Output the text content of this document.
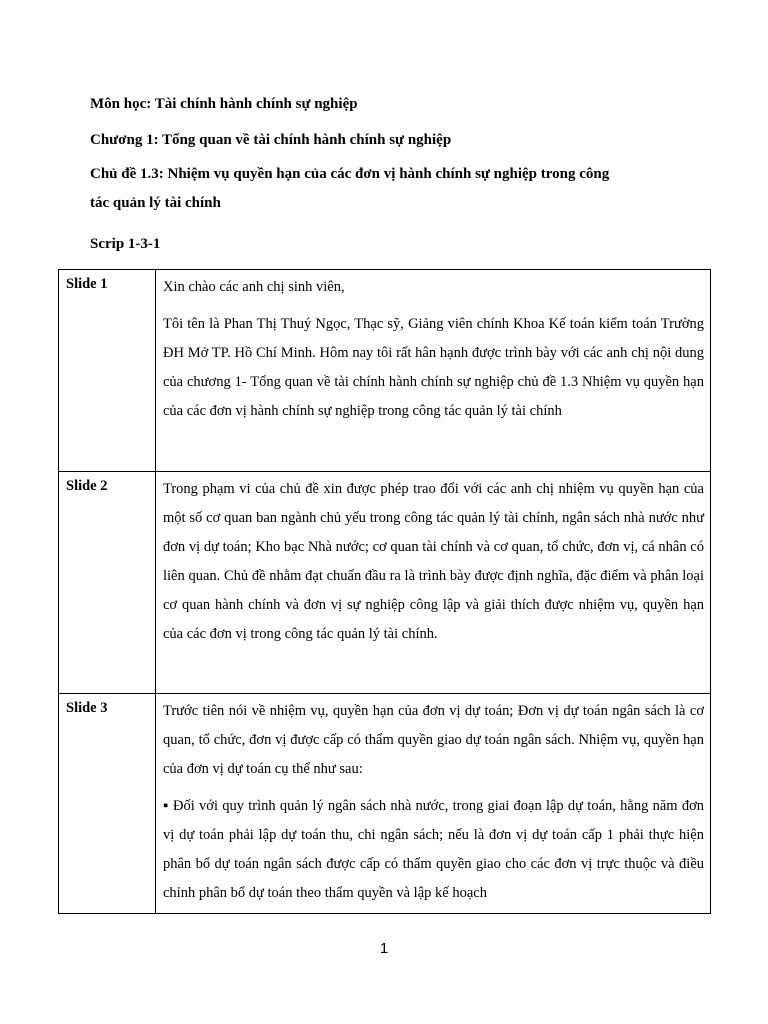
Môn học: Tài chính hành chính sự nghiệp

Chương 1: Tổng quan về tài chính hành chính sự nghiệp

Chủ đề 1.3: Nhiệm vụ quyền hạn của các đơn vị hành chính sự nghiệp trong công

tác quản lý tài chính

Scrip 1-3-1

Slide 1	Xin chào các anh chị sinh viên,

Tôi tên là Phan Thị Thuý Ngọc, Thạc sỹ, Giảng viên chính Khoa Kế toán kiểm toán Trường ĐH Mở TP. Hồ Chí Minh. Hôm nay tôi rất hân hạnh được trình bày với các anh chị nội dung của chương 1- Tổng quan về tài chính hành chính sự nghiệp chủ đề 1.3 Nhiệm vụ quyền hạn của các đơn vị hành chính sự nghiệp trong công tác quản lý tài chính

Slide 2	Trong phạm vi của chủ đề xin được phép trao đổi với các anh chị nhiệm vụ quyền hạn của một số cơ quan ban ngành chủ yếu trong công tác quản lý tài chính, ngân sách nhà nước như đơn vị dự toán; Kho bạc Nhà nước; cơ quan tài chính và cơ quan, tổ chức, đơn vị, cá nhân có liên quan. Chủ đề nhằm đạt chuẩn đầu ra là trình bày được định nghĩa, đặc điểm và phân loại cơ quan hành chính và đơn vị sự nghiệp công lập và giải thích được nhiệm vụ, quyền hạn của các đơn vị trong công tác quản lý tài chính.

Slide 3	Trước tiên nói về nhiệm vụ, quyền hạn của đơn vị dự toán; Đơn vị dự toán ngân sách là cơ quan, tổ chức, đơn vị được cấp có thẩm quyền giao dự toán ngân sách. Nhiệm vụ, quyền hạn của đơn vị dự toán cụ thể như sau:

▪ Đối với quy trình quản lý ngân sách nhà nước, trong giai đoạn lập dự toán, hằng năm đơn vị dự toán phải lập dự toán thu, chi ngân sách; nếu là đơn vị dự toán cấp 1 phải thực hiện phân bổ dự toán ngân sách được cấp có thẩm quyền giao cho các đơn vị trực thuộc và điều chỉnh phân bổ dự toán theo thẩm quyền và lập kế hoạch

1
